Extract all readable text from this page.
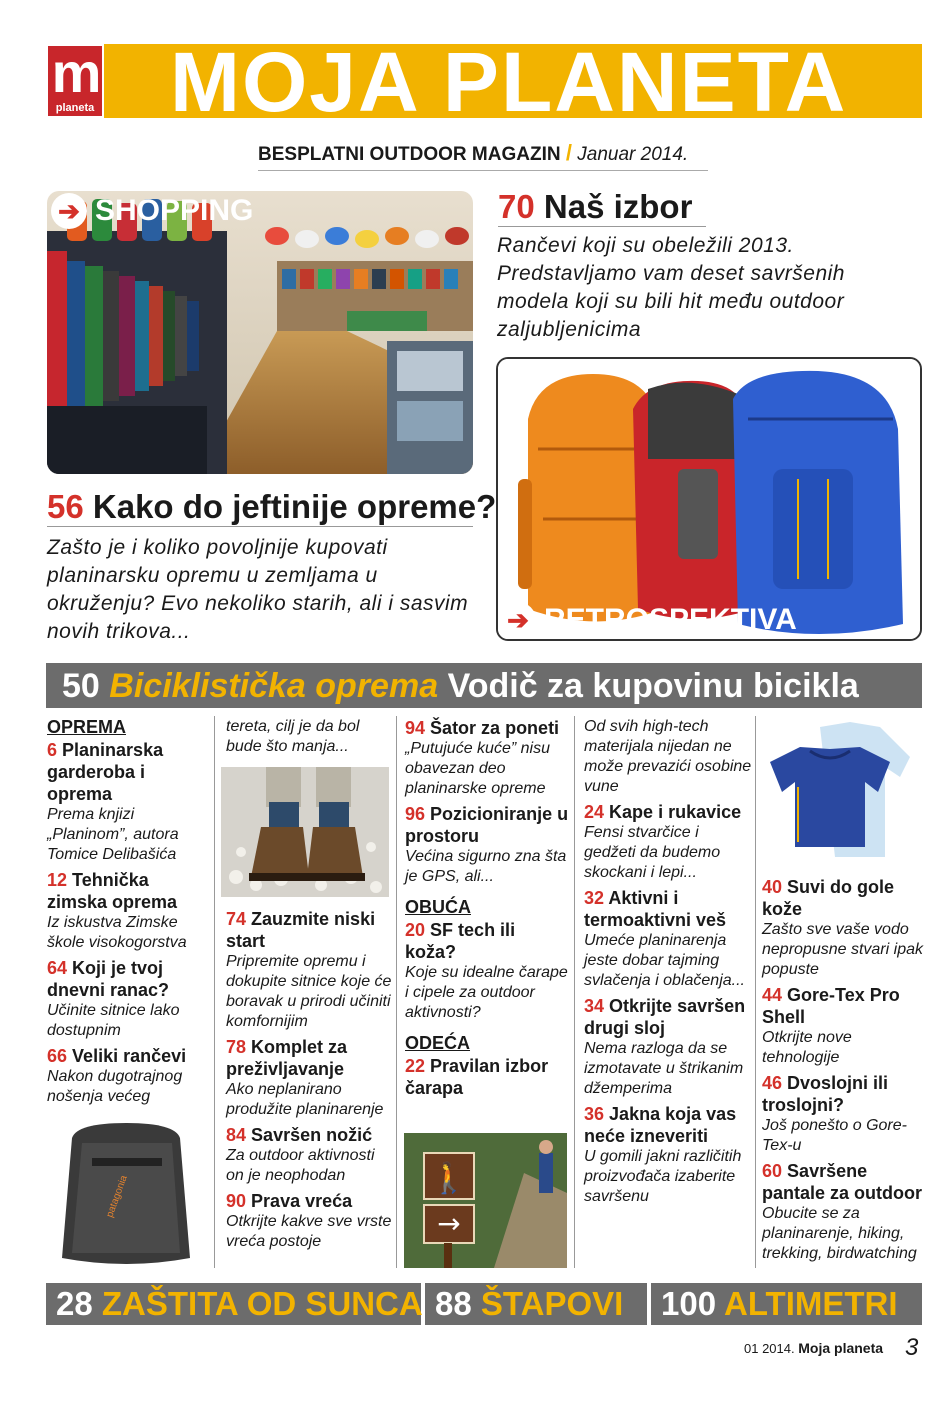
m
planeta MOJA PLANETA
BESPLATNI OUTDOOR MAGAZIN / Januar 2014.
➔ SHOPPING
56 Kako do jeftinije opreme?
Zašto je i koliko povoljnije kupovati planinarsku opremu u zemljama u okruženju? Evo nekoliko starih, ali i sasvim novih trikova...
70 Naš izbor
Rančevi koji su obeležili 2013. Predstavljamo vam deset savršenih modela koji su bili hit među outdoor zaljubljenicima
➔ RETROSPEKTIVA
50 Biciklistička oprema Vodič za kupovinu bicikla
OPREMA
6 Planinarska garderoba i oprema
Prema knjizi „Planinom”, autora Tomice Delibašića
12 Tehnička zimska oprema
Iz iskustva Zimske škole visokogorstva
64 Koji je tvoj dnevni ranac?
Učinite sitnice lako dostupnim
66 Veliki rančevi
Nakon dugotrajnog nošenja većeg
patagonia
tereta, cilj je da bol bude što manja...
74 Zauzmite niski start
Pripremite opremu i dokupite sitnice koje će boravak u prirodi učiniti komfornijim
78 Komplet za preživljavanje
Ako neplanirano produžite planinarenje
84 Savršen nožić
Za outdoor aktivnosti on je neophodan
90 Prava vreća
Otkrijte kakve sve vrste vreća postoje
94 Šator za poneti
„Putujuće kuće” nisu obavezan deo planinarske opreme
96 Pozicioniranje u prostoru
Većina sigurno zna šta je GPS, ali...
OBUĆA
20 SF tech ili koža?
Koje su idealne čarape i cipele za outdoor aktivnosti?
ODEĆA
22 Pravilan izbor čarapa
🚶
→
Od svih high-tech materijala nijedan ne može prevazići osobine vune
24 Kape i rukavice
Fensi stvarčice i gedžeti da budemo skockani i lepi...
32 Aktivni i termoaktivni veš
Umeće planinarenja jeste dobar tajming svlačenja i oblačenja...
34 Otkrijte savršen drugi sloj
Nema razloga da se izmotavate u štrikanim džemperima
36 Jakna koja vas neće izneveriti
U gomili jakni različitih proizvođača izaberite savršenu
40 Suvi do gole kože
Zašto sve vaše vodo nepropusne stvari ipak popuste
44 Gore-Tex Pro Shell
Otkrijte nove tehnologije
46 Dvoslojni ili troslojni?
Još ponešto o Gore-Tex-u
60 Savršene pantale za outdoor
Obucite se za planinarenje, hiking, trekking, birdwatching
28 ZAŠTITA OD SUNCA 88 ŠTAPOVI	100 ALTIMETRI
01 2014. Moja planeta 3
